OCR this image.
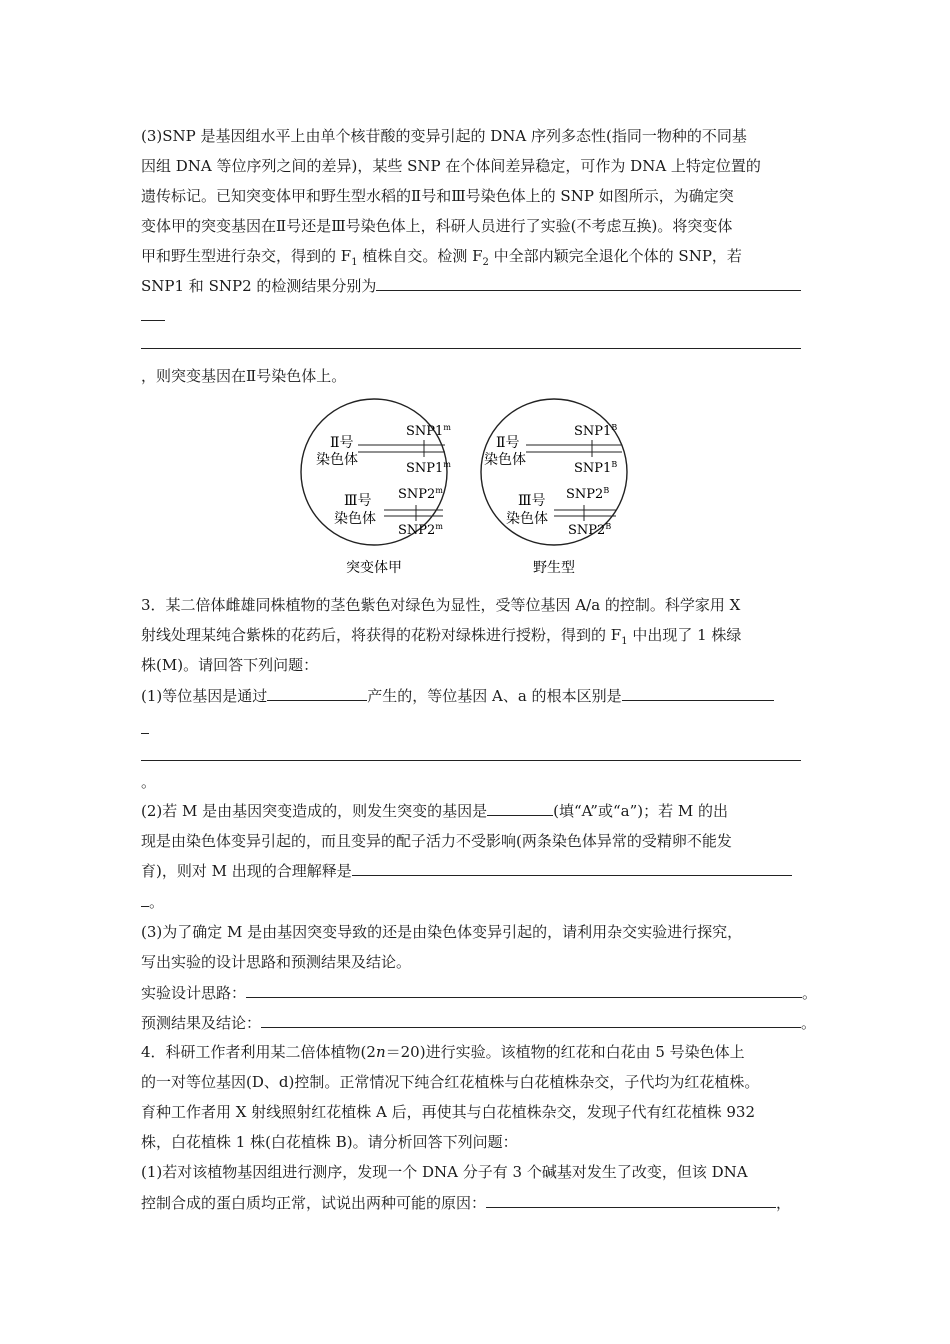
(3)SNP 是基因组水平上由单个核苷酸的变异引起的 DNA 序列多态性(指同一物种的不同基
因组 DNA 等位序列之间的差异)，某些 SNP 在个体间差异稳定，可作为 DNA 上特定位置的
遗传标记。已知突变体甲和野生型水稻的Ⅱ号和Ⅲ号染色体上的 SNP 如图所示，为确定突
变体甲的突变基因在Ⅱ号还是Ⅲ号染色体上，科研人员进行了实验(不考虑互换)。将突变体
甲和野生型进行杂交，得到的 $F_1$ 植株自交。检测 $F_2$ 中全部内颖完全退化个体的 SNP，若
SNP1 和 SNP2 的检测结果分别为
，则突变基因在Ⅱ号染色体上。
Ⅱ号
染色体
SNP1$^m$
SNP1$^m$
Ⅲ号
染色体
SNP2$^m$
SNP2$^m$
突变体甲
Ⅱ号
染色体
$SNP1^B$
$SNP1^B$
Ⅲ号
染色体
$SNP2^B$
$SNP2^B$
野生型
3．某二倍体雌雄同株植物的茎色紫色对绿色为显性，受等位基因 A/a 的控制。科学家用 X
射线处理某纯合紫株的花药后，将获得的花粉对绿株进行授粉，得到的 $F_1$ 中出现了 1 株绿
株(M)。请回答下列问题：
(1)等位基因是通过	产生的，等位基因 A、a 的根本区别是
。
(2)若 M 是由基因突变造成的，则发生突变的基因是	(填“A”或“a”)；若 M 的出
现是由染色体变异引起的，而且变异的配子活力不受影响(两条染色体异常的受精卵不能发
育)，则对 M 出现的合理解释是
。
(3)为了确定 M 是由基因突变导致的还是由染色体变异引起的，请利用杂交实验进行探究，
写出实验的设计思路和预测结果及结论。
实验设计思路：	。
预测结果及结论：	。
4．科研工作者利用某二倍体植物(2n＝20)进行实验。该植物的红花和白花由 5 号染色体上
的一对等位基因(D、d)控制。正常情况下纯合红花植株与白花植株杂交，子代均为红花植株。
育种工作者用 X 射线照射红花植株 A 后，再使其与白花植株杂交，发现子代有红花植株 932
株，白花植株 1 株(白花植株 B)。请分析回答下列问题：
(1)若对该植物基因组进行测序，发现一个 DNA 分子有 3 个碱基对发生了改变，但该 DNA
控制合成的蛋白质均正常，试说出两种可能的原因：	，
